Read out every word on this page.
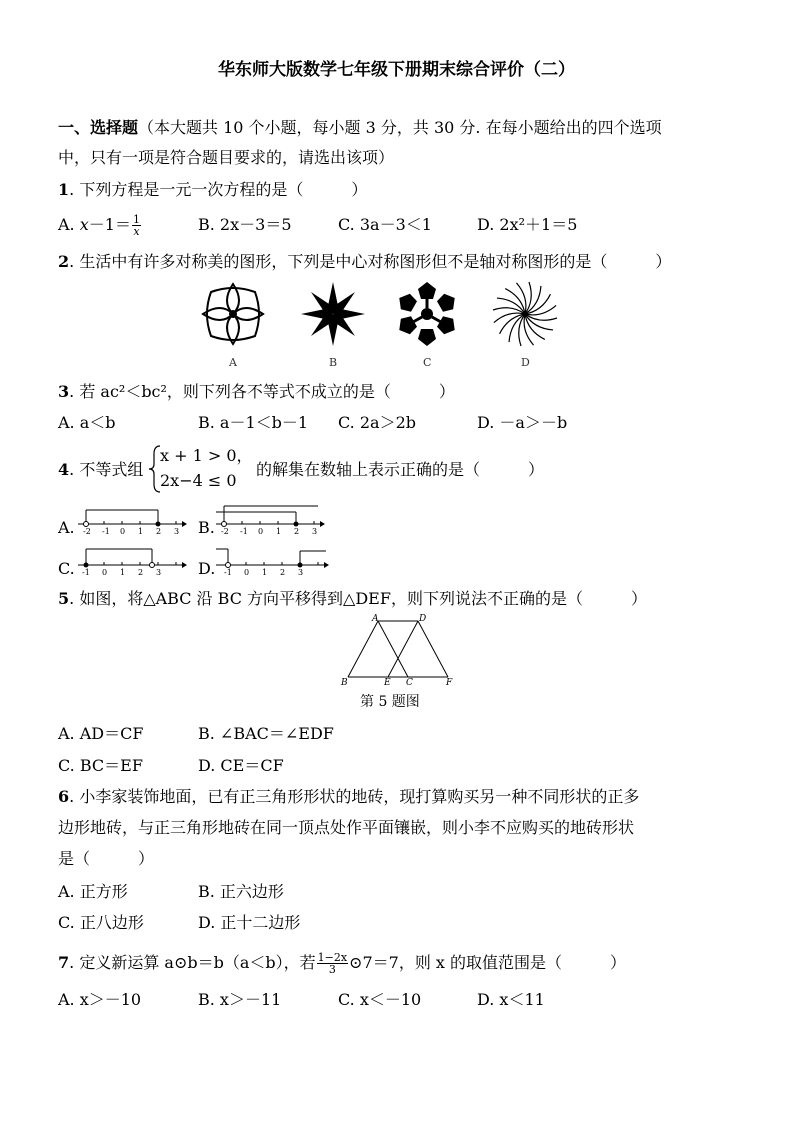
华东师大版数学七年级下册期末综合评价（二）
一、选择题（本大题共 10 个小题，每小题 3 分，共 30 分. 在每小题给出的四个选项
中，只有一项是符合题目要求的，请选出该项）
1. 下列方程是一元一次方程的是（　　　）
A. $x-1= \frac{1}{x}$	B. 2x－3＝5	C. 3a－3＜1	D. 2x²＋1＝5
2. 生活中有许多对称美的图形，下列是中心对称图形但不是轴对称图形的是（　　　）
A	B	C	D
3. 若 ac²＜bc²，则下列各不等式不成立的是（　　　）
A. a＜b	B. a－1＜b－1 C. 2a＞2b	D. －a＞－b
4. 不等式组
x + 1 > 0，
2x−4 ≤ 0
的解集在数轴上表示正确的是（　　　）
A.	B.
C.	D.
-2 -1 0 1 2 3	-2 -1 0 1 2 3
-1 0 1 2 3	-1 0 1 2 3
5. 如图，将△ABC 沿 BC 方向平移得到△DEF，则下列说法不正确的是（　　　）
A	D
B	E C	F
第 5 题图
A. AD＝CF	B. ∠BAC＝∠EDF
C. BC＝EF	D. CE＝CF
6. 小李家装饰地面，已有正三角形形状的地砖，现打算购买另一种不同形状的正多
边形地砖，与正三角形地砖在同一顶点处作平面镶嵌，则小李不应购买的地砖形状
是（　　　）
A. 正方形	B. 正六边形
C. 正八边形	D. 正十二边形
7. 定义新运算 a⊙b＝b（a＜b），若 $\frac{1-2x}{3}$ ⊙7＝7，则 x 的取值范围是（　　　）
A. x＞－10	B. x＞－11	C. x＜－10	D. x＜11
